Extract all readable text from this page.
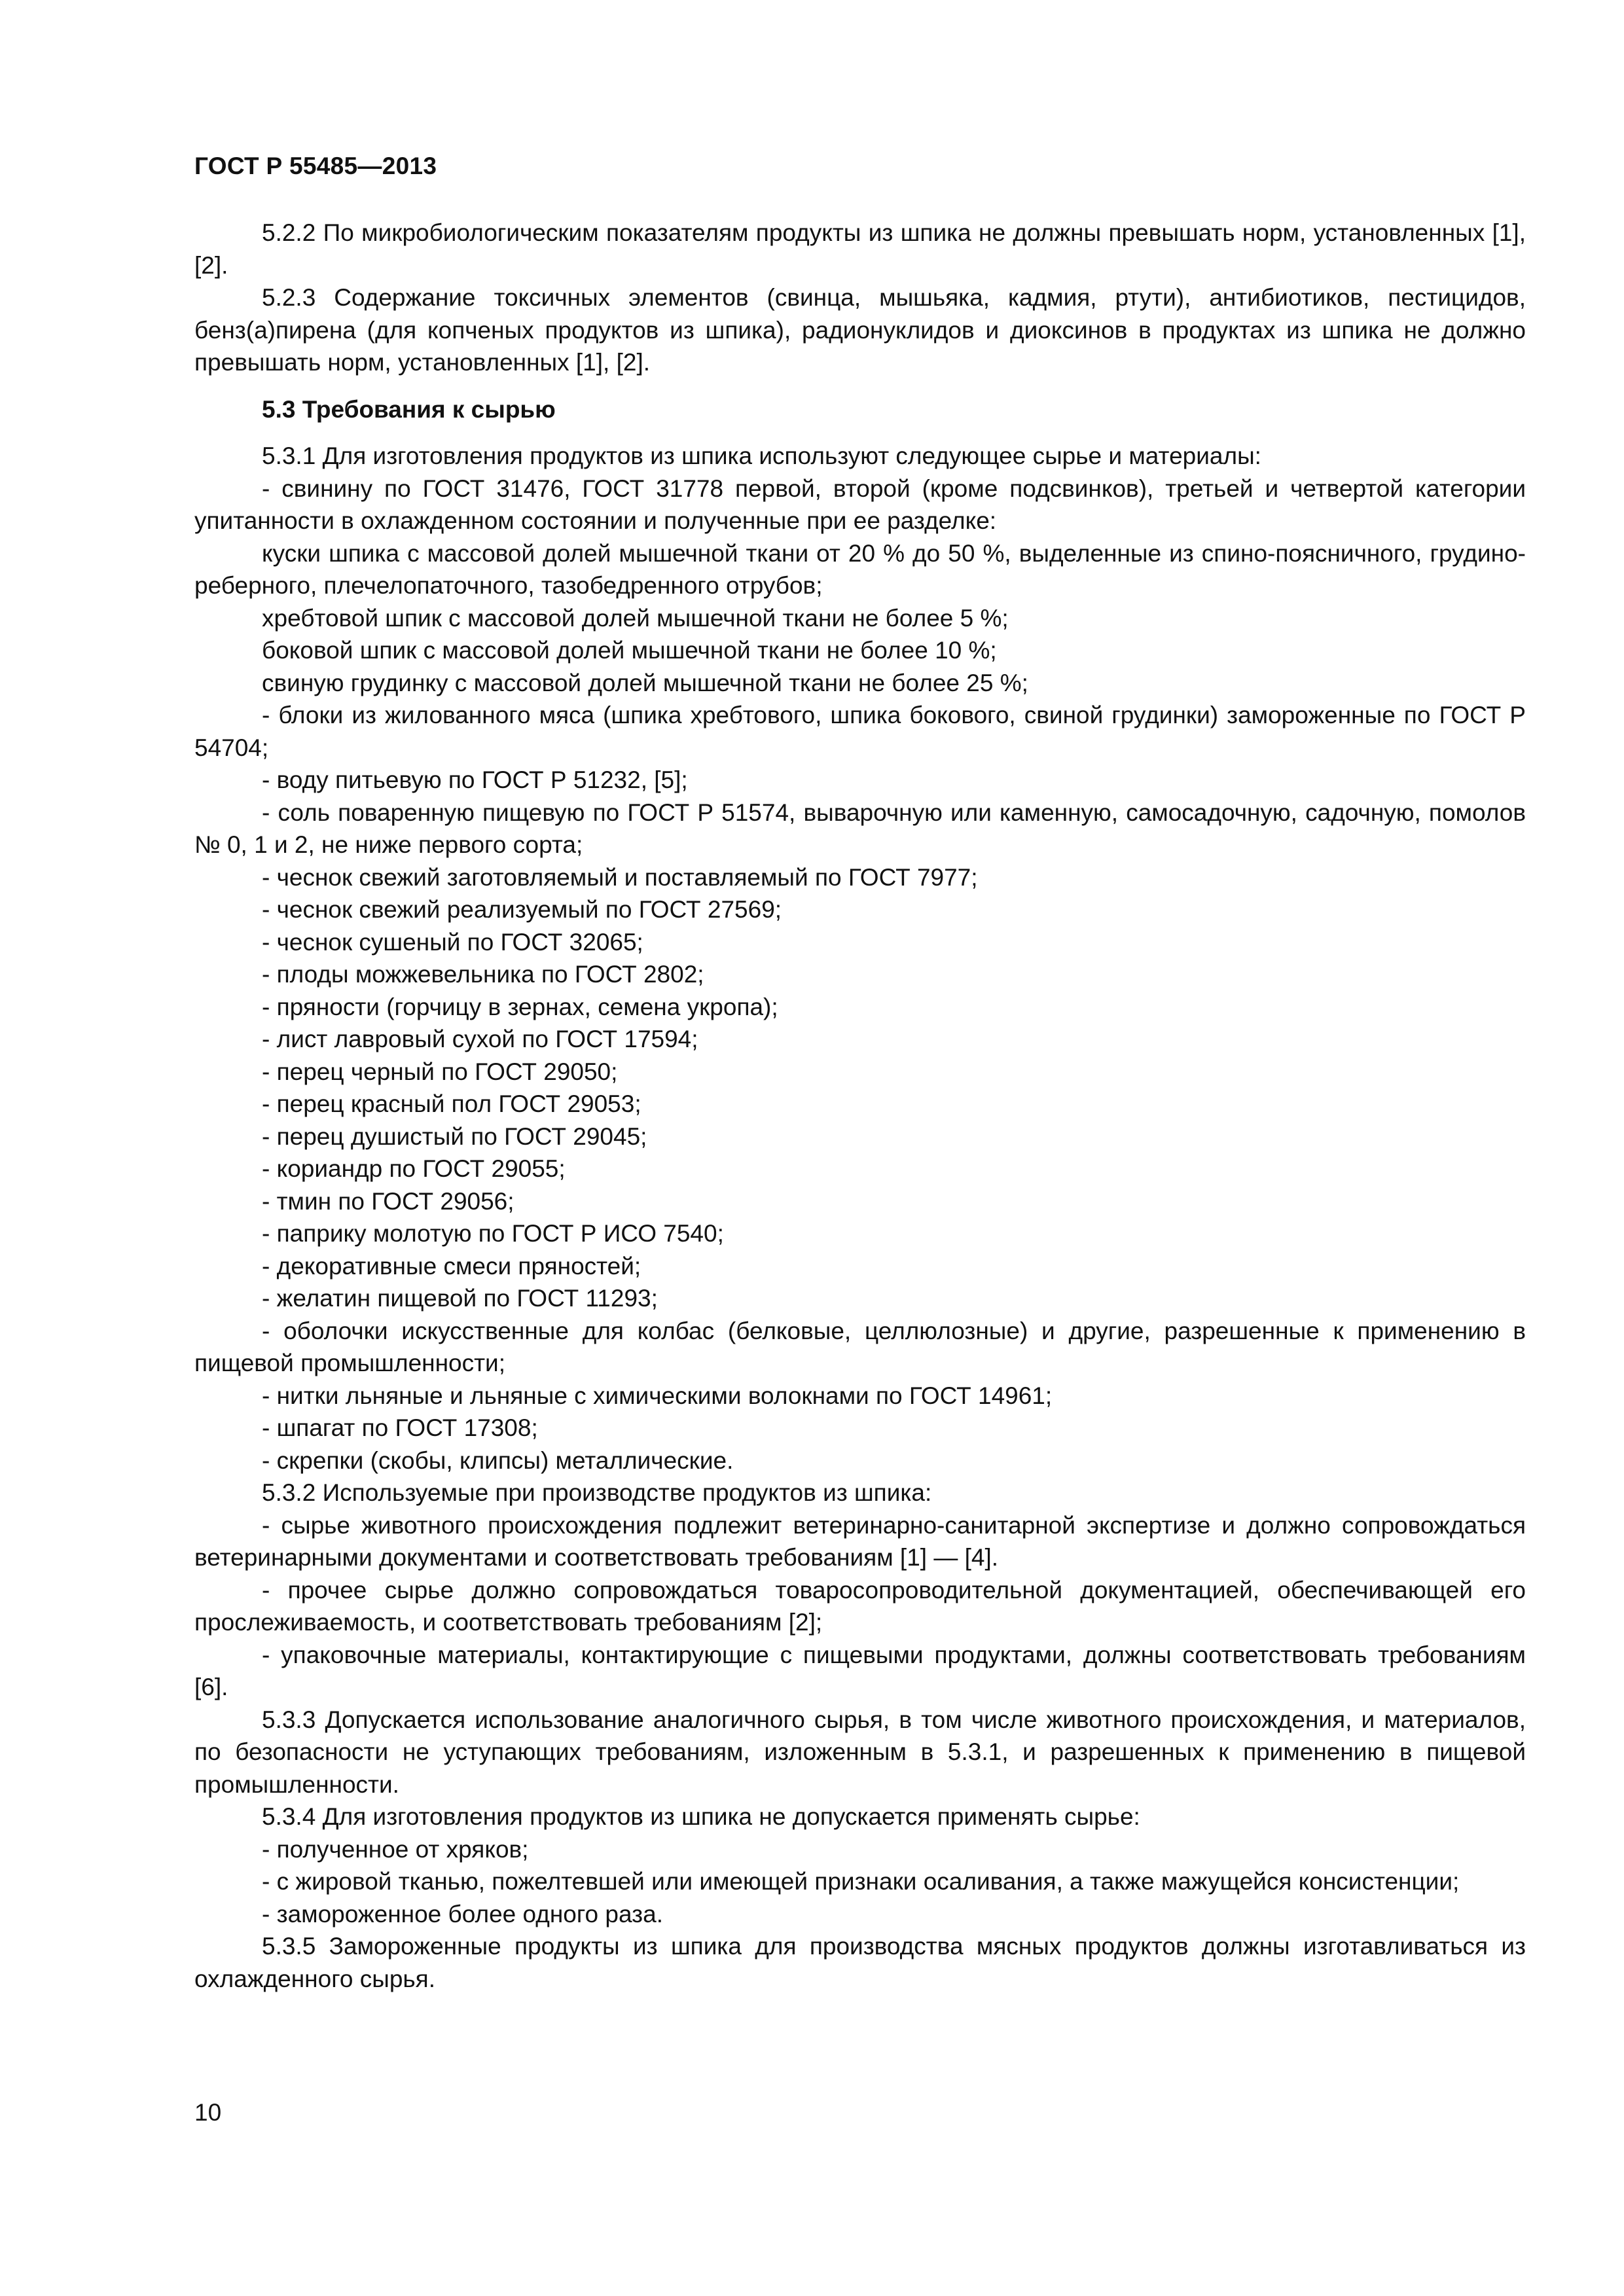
ГОСТ Р 55485—2013

5.2.2 По микробиологическим показателям продукты из шпика не должны превышать норм, установленных [1], [2].

5.2.3 Содержание токсичных элементов (свинца, мышьяка, кадмия, ртути), антибиотиков, пестицидов, бенз(а)пирена (для копченых продуктов из шпика), радионуклидов и диоксинов в продуктах из шпика не должно превышать норм, установленных [1], [2].

5.3 Требования к сырью

5.3.1 Для изготовления продуктов из шпика используют следующее сырье и материалы:

- свинину по ГОСТ 31476, ГОСТ 31778 первой, второй (кроме подсвинков), третьей и четвертой категории упитанности в охлажденном состоянии и полученные при ее разделке:

куски шпика с массовой долей мышечной ткани от 20 % до 50 %, выделенные из спино-поясничного, грудино-реберного, плечелопаточного, тазобедренного отрубов;

хребтовой шпик с массовой долей мышечной ткани не более 5 %;

боковой шпик с массовой долей мышечной ткани не более 10 %;

свиную грудинку с массовой долей мышечной ткани не более 25 %;

- блоки из жилованного мяса (шпика хребтового, шпика бокового, свиной грудинки) замороженные по ГОСТ Р 54704;

- воду питьевую по ГОСТ Р 51232, [5];

- соль поваренную пищевую по ГОСТ Р 51574, выварочную или каменную, самосадочную, садочную, помолов № 0, 1 и 2, не ниже первого сорта;

- чеснок свежий заготовляемый и поставляемый по ГОСТ 7977;

- чеснок свежий реализуемый по ГОСТ 27569;

- чеснок сушеный по ГОСТ 32065;

- плоды можжевельника по ГОСТ 2802;

- пряности (горчицу в зернах, семена укропа);

- лист лавровый сухой по ГОСТ 17594;

- перец черный по ГОСТ 29050;

- перец красный пол ГОСТ 29053;

- перец душистый по ГОСТ 29045;

- кориандр по ГОСТ 29055;

- тмин по ГОСТ 29056;

- паприку молотую по ГОСТ Р ИСО 7540;

- декоративные смеси пряностей;

- желатин пищевой по ГОСТ 11293;

- оболочки искусственные для колбас (белковые, целлюлозные) и другие, разрешенные к применению в пищевой промышленности;

- нитки льняные и льняные с химическими волокнами по ГОСТ 14961;

- шпагат по ГОСТ 17308;

- скрепки (скобы, клипсы) металлические.

5.3.2 Используемые при производстве продуктов из шпика:

- сырье животного происхождения подлежит ветеринарно-санитарной экспертизе и должно сопровождаться ветеринарными документами и соответствовать требованиям [1] — [4].

- прочее сырье должно сопровождаться товаросопроводительной документацией, обеспечивающей его прослеживаемость, и соответствовать требованиям [2];

- упаковочные материалы, контактирующие с пищевыми продуктами, должны соответствовать требованиям [6].

5.3.3 Допускается использование аналогичного сырья, в том числе животного происхождения, и материалов, по безопасности не уступающих требованиям, изложенным в 5.3.1, и разрешенных к применению в пищевой промышленности.

5.3.4 Для изготовления продуктов из шпика не допускается применять сырье:

- полученное от хряков;

- с жировой тканью, пожелтевшей или имеющей признаки осаливания, а также мажущейся консистенции;

- замороженное более одного раза.

5.3.5 Замороженные продукты из шпика для производства мясных продуктов должны изготавливаться из охлажденного сырья.

10
